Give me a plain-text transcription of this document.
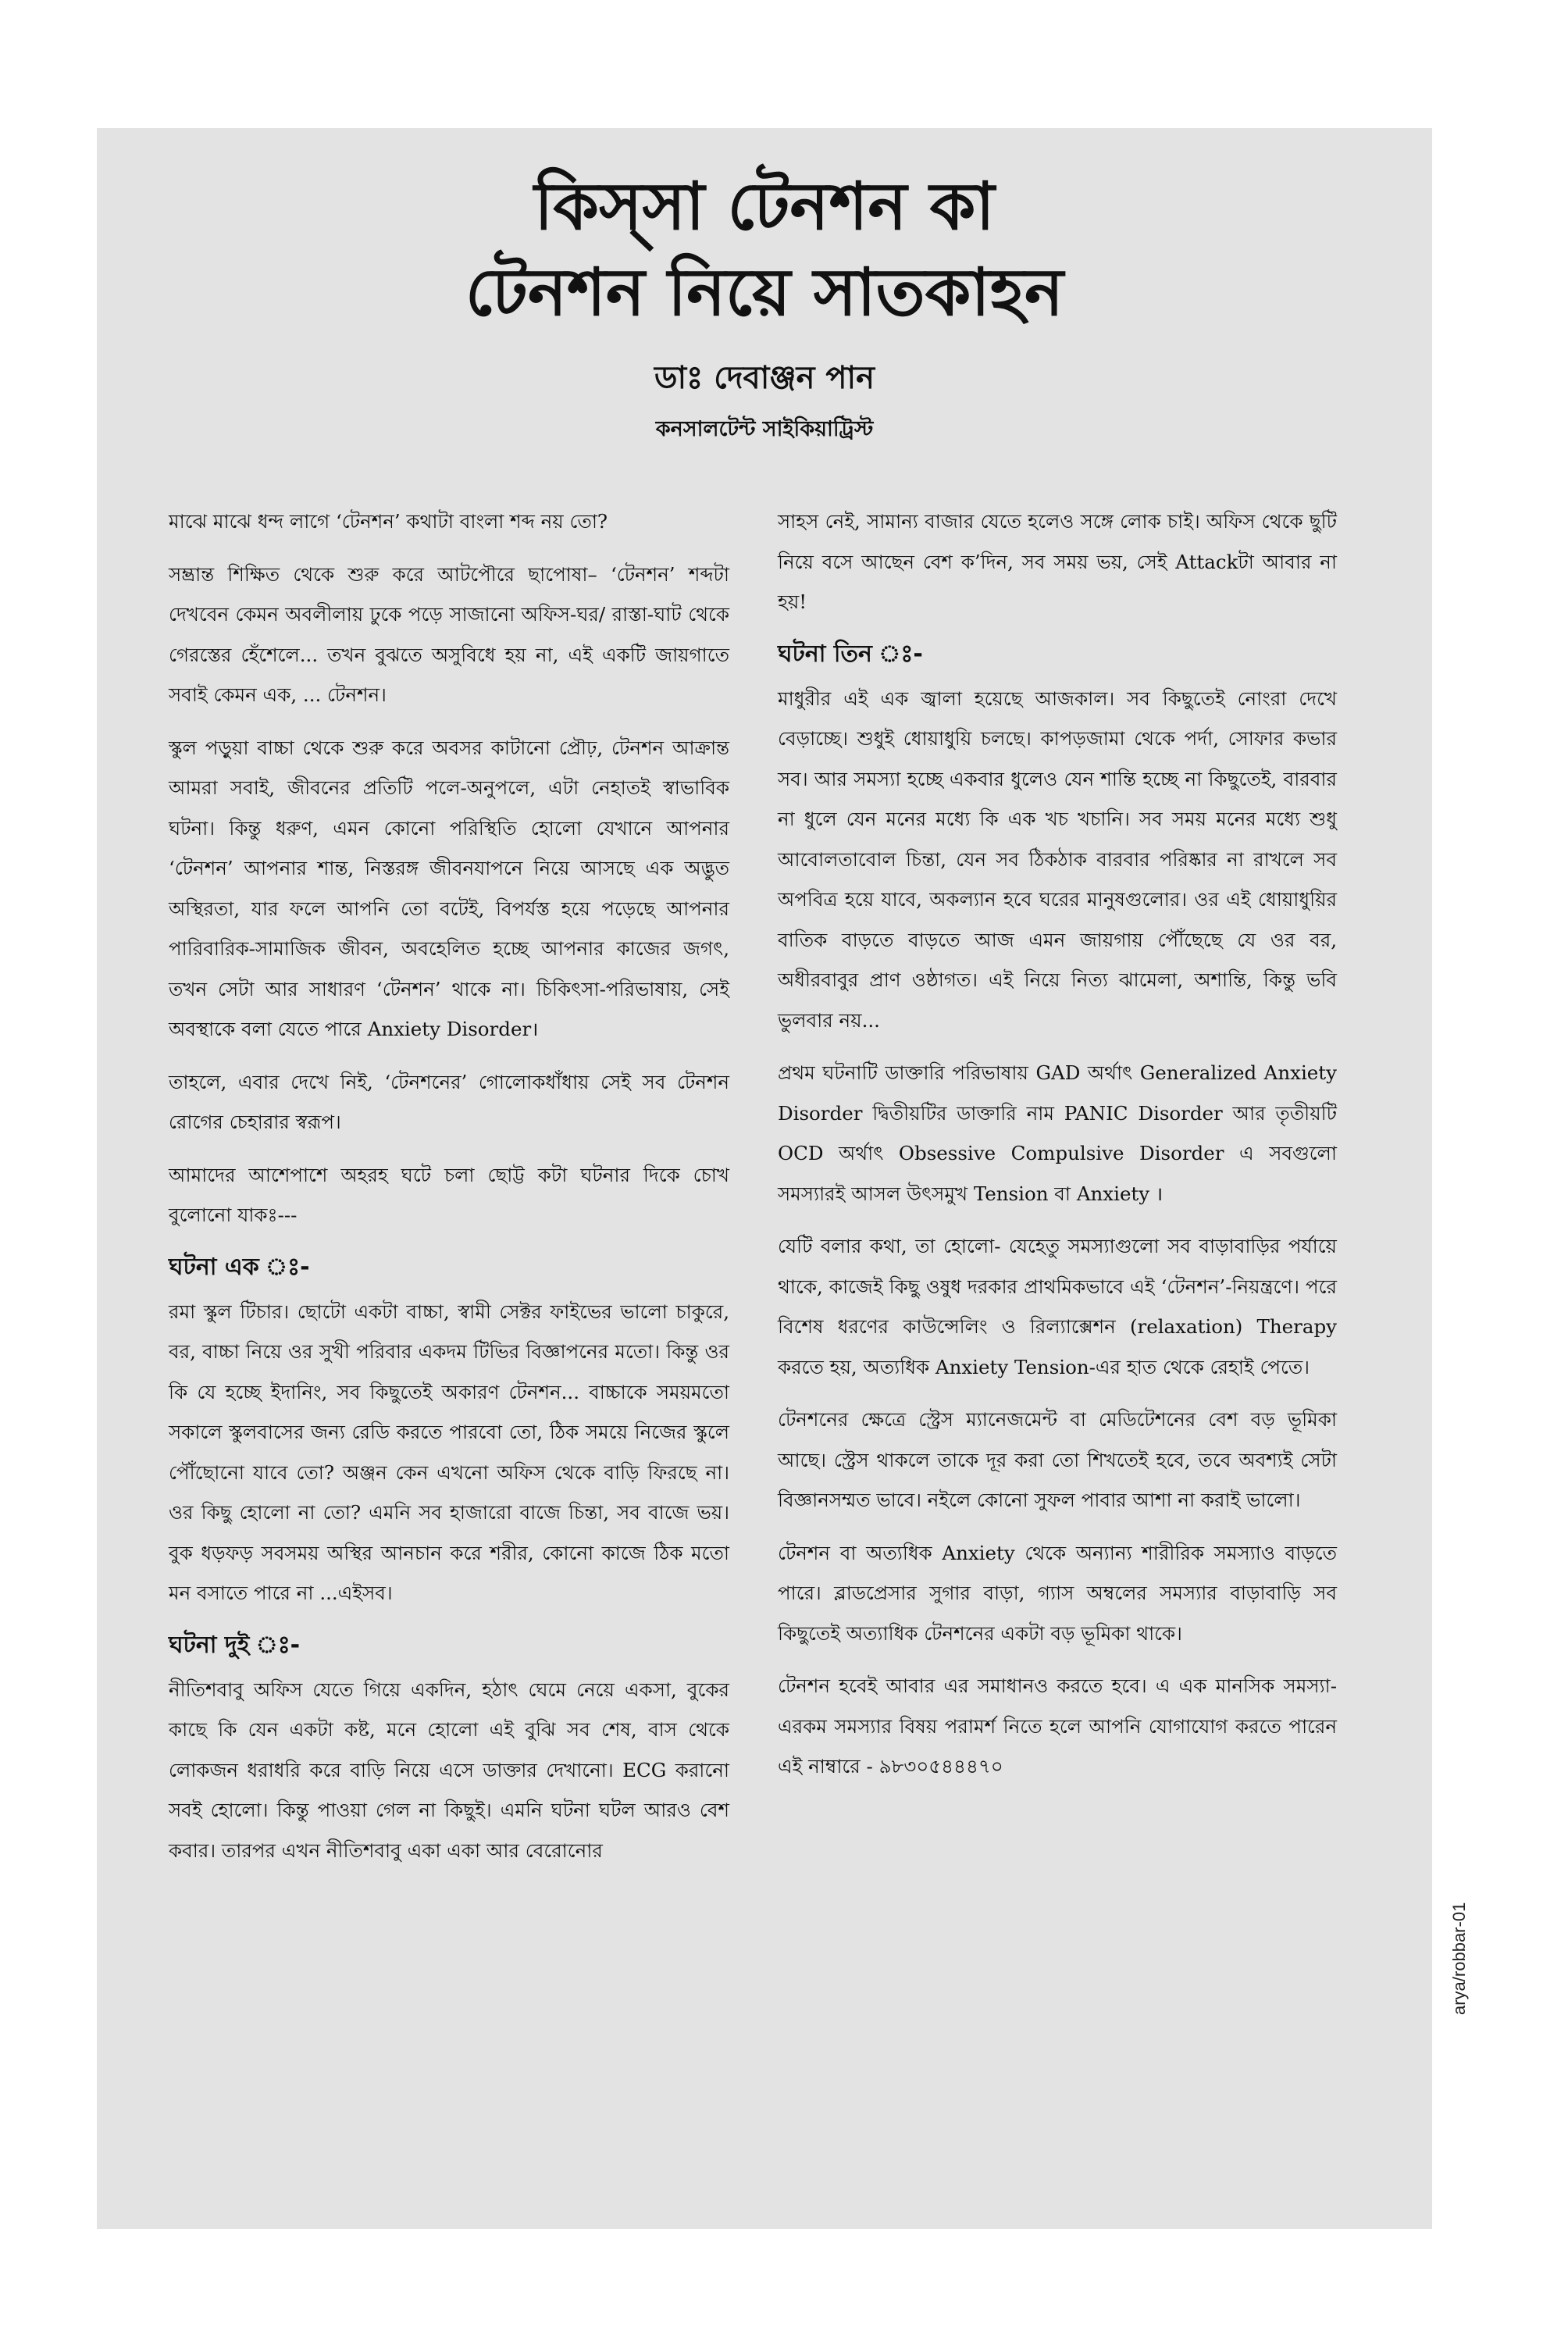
কিস্‌সা টেনশন কা
টেনশন নিয়ে সাতকাহন
ডাঃ দেবাঞ্জন পান
কনসালটেন্ট সাইকিয়াট্রিস্ট

মাঝে মাঝে ধন্দ লাগে ‘টেনশন’ কথাটা বাংলা শব্দ নয় তো?

সম্ভ্রান্ত শিক্ষিত থেকে শুরু করে আটপৌরে ছাপোষা– ‘টেনশন’ শব্দটা দেখবেন কেমন অবলীলায় ঢুকে পড়ে সাজানো অফিস-ঘর/ রাস্তা-ঘাট থেকে গেরস্তের হেঁশেলে... তখন বুঝতে অসুবিধে হয় না, এই একটি জায়গাতে সবাই কেমন এক, ... টেনশন।

স্কুল পড়ুয়া বাচ্চা থেকে শুরু করে অবসর কাটানো প্রৌঢ়, টেনশন আক্রান্ত আমরা সবাই, জীবনের প্রতিটি পলে-অনুপলে, এটা নেহাতই স্বাভাবিক ঘটনা। কিন্তু ধরুণ, এমন কোনো পরিস্থিতি হোলো যেখানে আপনার ‘টেনশন’ আপনার শান্ত, নিস্তরঙ্গ জীবনযাপনে নিয়ে আসছে এক অদ্ভুত অস্থিরতা, যার ফলে আপনি তো বটেই, বিপর্যস্ত হয়ে পড়েছে আপনার পারিবারিক-সামাজিক জীবন, অবহেলিত হচ্ছে আপনার কাজের জগৎ, তখন সেটা আর সাধারণ ‘টেনশন’ থাকে না। চিকিৎসা-পরিভাষায়, সেই অবস্থাকে বলা যেতে পারে Anxiety Disorder।

তাহলে, এবার দেখে নিই, ‘টেনশনের’ গোলোকধাঁধায় সেই সব টেনশন রোগের চেহারার স্বরূপ।

আমাদের আশেপাশে অহরহ ঘটে চলা ছোট্ট কটা ঘটনার দিকে চোখ বুলোনো যাকঃ---

ঘটনা এক ঃ-

রমা স্কুল টিচার। ছোটো একটা বাচ্চা, স্বামী সেক্টর ফাইভের ভালো চাকুরে, বর, বাচ্চা নিয়ে ওর সুখী পরিবার একদম টিভির বিজ্ঞাপনের মতো। কিন্তু ওর কি যে হচ্ছে ইদানিং, সব কিছুতেই অকারণ টেনশন... বাচ্চাকে সময়মতো সকালে স্কুলবাসের জন্য রেডি করতে পারবো তো, ঠিক সময়ে নিজের স্কুলে পৌঁছোনো যাবে তো? অঞ্জন কেন এখনো অফিস থেকে বাড়ি ফিরছে না। ওর কিছু হোলো না তো? এমনি সব হাজারো বাজে চিন্তা, সব বাজে ভয়। বুক ধড়ফড় সবসময় অস্থির আনচান করে শরীর, কোনো কাজে ঠিক মতো মন বসাতে পারে না ...এইসব।

ঘটনা দুই ঃ-

নীতিশবাবু অফিস যেতে গিয়ে একদিন, হঠাৎ ঘেমে নেয়ে একসা, বুকের কাছে কি যেন একটা কষ্ট, মনে হোলো এই বুঝি সব শেষ, বাস থেকে লোকজন ধরাধরি করে বাড়ি নিয়ে এসে ডাক্তার দেখানো। ECG করানো সবই হোলো। কিন্তু পাওয়া গেল না কিছুই। এমনি ঘটনা ঘটল আরও বেশ কবার। তারপর এখন নীতিশবাবু একা একা আর বেরোনোর

সাহস নেই, সামান্য বাজার যেতে হলেও সঙ্গে লোক চাই। অফিস থেকে ছুটি নিয়ে বসে আছেন বেশ ক’দিন, সব সময় ভয়, সেই Attackটা আবার না হয়!

ঘটনা তিন ঃ-

মাধুরীর এই এক জ্বালা হয়েছে আজকাল। সব কিছুতেই নোংরা দেখে বেড়াচ্ছে। শুধুই ধোয়াধুয়ি চলছে। কাপড়জামা থেকে পর্দা, সোফার কভার সব। আর সমস্যা হচ্ছে একবার ধুলেও যেন শান্তি হচ্ছে না কিছুতেই, বারবার না ধুলে যেন মনের মধ্যে কি এক খচ খচানি। সব সময় মনের মধ্যে শুধু আবোলতাবোল চিন্তা, যেন সব ঠিকঠাক বারবার পরিষ্কার না রাখলে সব অপবিত্র হয়ে যাবে, অকল্যান হবে ঘরের মানুষগুলোর। ওর এই ধোয়াধুয়ির বাতিক বাড়তে বাড়তে আজ এমন জায়গায় পৌঁছেছে যে ওর বর, অধীরবাবুর প্রাণ ওষ্ঠাগত। এই নিয়ে নিত্য ঝামেলা, অশান্তি, কিন্তু ভবি ভুলবার নয়...

প্রথম ঘটনাটি ডাক্তারি পরিভাষায় GAD অর্থাৎ Generalized Anxiety Disorder দ্বিতীয়টির ডাক্তারি নাম PANIC Disorder আর তৃতীয়টি OCD অর্থাৎ Obsessive Compulsive Disorder এ সবগুলো সমস্যারই আসল উৎসমুখ Tension বা Anxiety ।

যেটি বলার কথা, তা হোলো- যেহেতু সমস্যাগুলো সব বাড়াবাড়ির পর্যায়ে থাকে, কাজেই কিছু ওষুধ দরকার প্রাথমিকভাবে এই ‘টেনশন’-নিয়ন্ত্রণে। পরে বিশেষ ধরণের কাউন্সেলিং ও রিল্যাক্সেশন (relaxation) Therapy করতে হয়, অত্যধিক Anxiety Tension-এর হাত থেকে রেহাই পেতে।

টেনশনের ক্ষেত্রে স্ট্রেস ম্যানেজমেন্ট বা মেডিটেশনের বেশ বড় ভূমিকা আছে। স্ট্রেস থাকলে তাকে দূর করা তো শিখতেই হবে, তবে অবশ্যই সেটা বিজ্ঞানসম্মত ভাবে। নইলে কোনো সুফল পাবার আশা না করাই ভালো।

টেনশন বা অত্যধিক Anxiety থেকে অন্যান্য শারীরিক সমস্যাও বাড়তে পারে। ব্লাডপ্রেসার সুগার বাড়া, গ্যাস অম্বলের সমস্যার বাড়াবাড়ি সব কিছুতেই অত্যাধিক টেনশনের একটা বড় ভূমিকা থাকে।

টেনশন হবেই আবার এর সমাধানও করতে হবে। এ এক মানসিক সমস্যা- এরকম সমস্যার বিষয় পরামর্শ নিতে হলে আপনি যোগাযোগ করতে পারেন এই নাম্বারে - ৯৮৩০৫৪৪৪৭০

arya/robbar-01
